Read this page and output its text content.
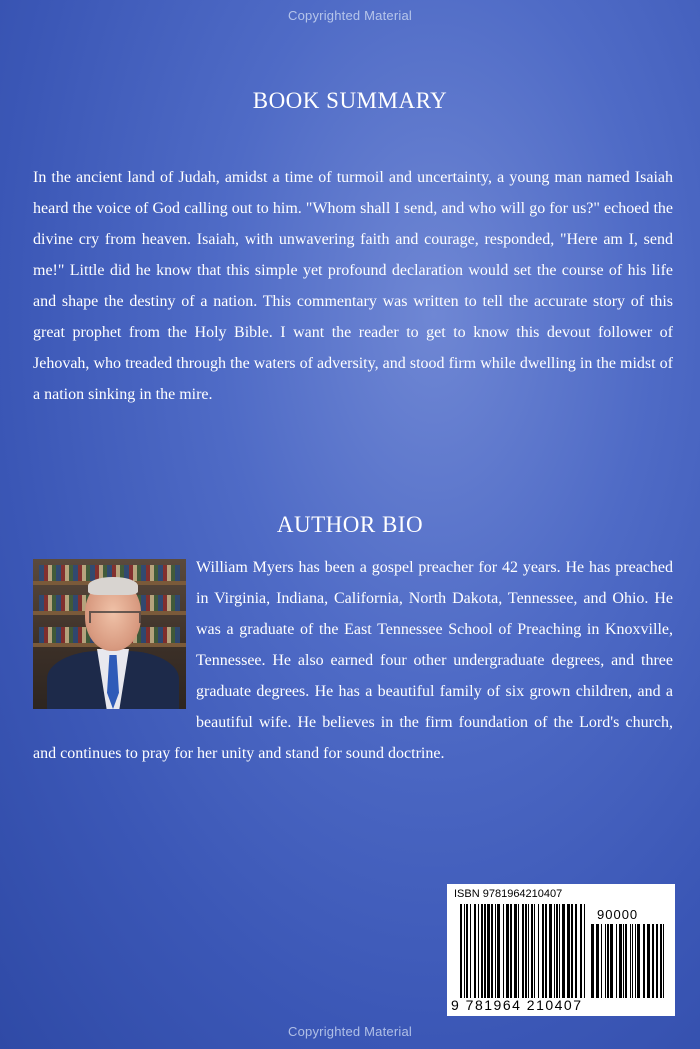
Copyrighted Material
BOOK SUMMARY

In the ancient land of Judah, amidst a time of turmoil and uncertainty, a young man named Isaiah heard the voice of God calling out to him. "Whom shall I send, and who will go for us?" echoed the divine cry from heaven. Isaiah, with unwavering faith and courage, responded, "Here am I, send me!" Little did he know that this simple yet profound declaration would set the course of his life and shape the destiny of a nation. This commentary was written to tell the accurate story of this great prophet from the Holy Bible. I want the reader to get to know this devout follower of Jehovah, who treaded through the waters of adversity, and stood firm while dwelling in the midst of a nation sinking in the mire.

AUTHOR BIO

William Myers has been a gospel preacher for 42 years. He has preached in Virginia, Indiana, California, North Dakota, Tennessee, and Ohio. He was a graduate of the East Tennessee School of Preaching in Knoxville, Tennessee. He also earned four other undergraduate degrees, and three graduate degrees. He has a beautiful family of six grown children, and a beautiful wife. He believes in the firm foundation of the Lord's church, and continues to pray for her unity and stand for sound doctrine.

ISBN 9781964210407
90000
9 781964 210407
Copyrighted Material
